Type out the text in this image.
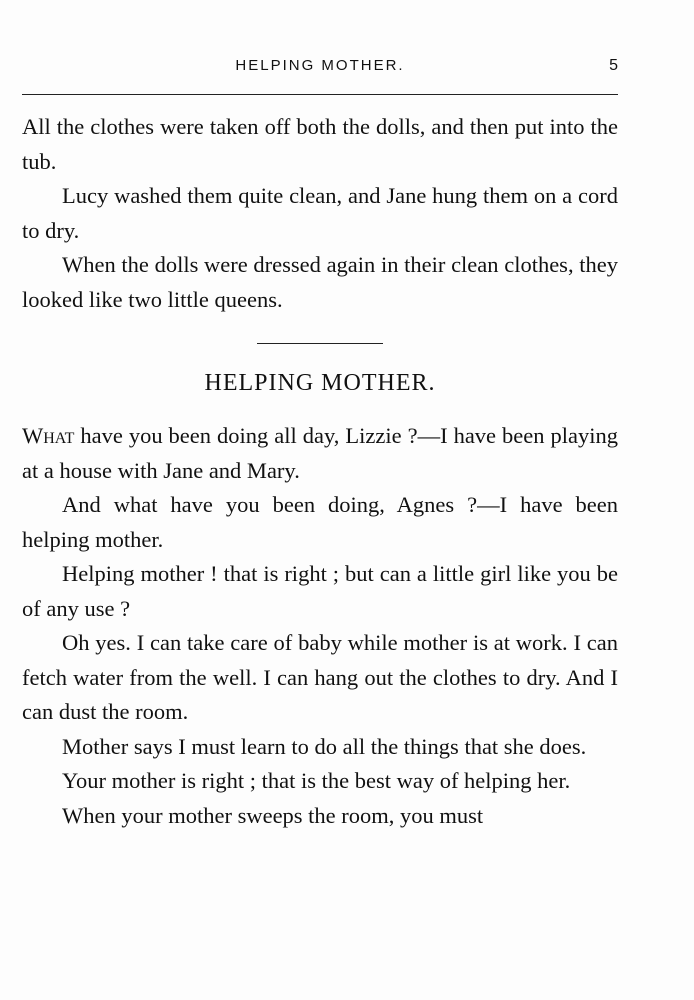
HELPING MOTHER.	5

All the clothes were taken off both the dolls, and then put into the tub.

Lucy washed them quite clean, and Jane hung them on a cord to dry.

When the dolls were dressed again in their clean clothes, they looked like two little queens.

HELPING MOTHER.

What have you been doing all day, Lizzie ?—I have been playing at a house with Jane and Mary.

And what have you been doing, Agnes ?—I have been helping mother.

Helping mother ! that is right ; but can a little girl like you be of any use ?

Oh yes. I can take care of baby while mother is at work. I can fetch water from the well. I can hang out the clothes to dry. And I can dust the room.

Mother says I must learn to do all the things that she does.

Your mother is right ; that is the best way of helping her.

When your mother sweeps the room, you must
